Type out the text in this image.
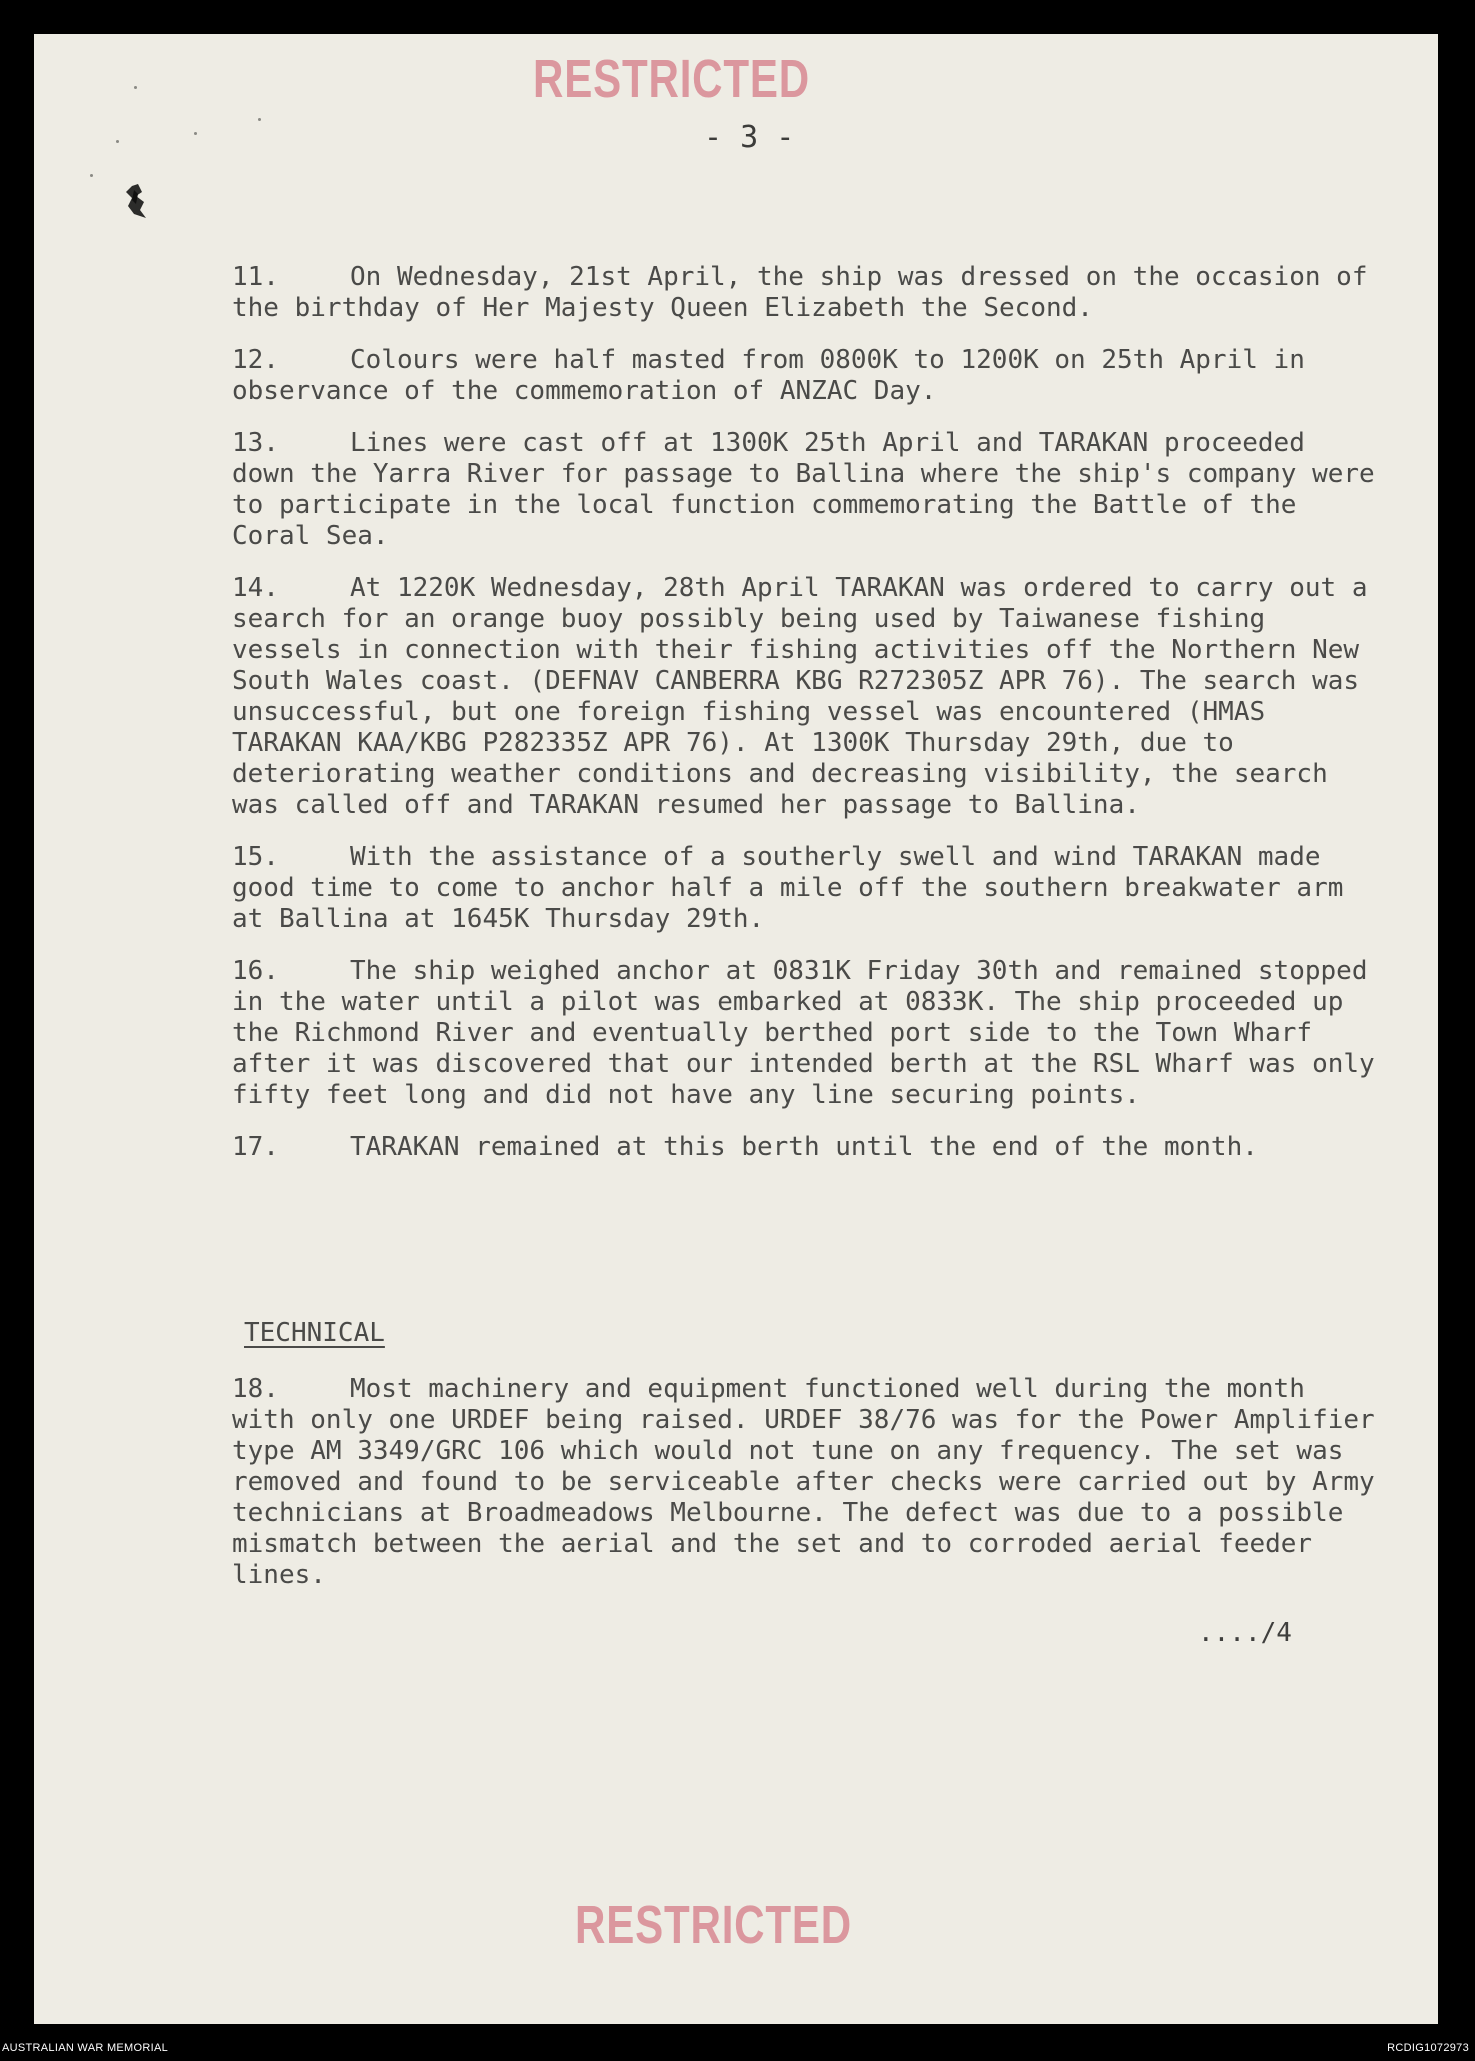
RESTRICTED
- 3 -

11.	On Wednesday, 21st April, the ship was dressed on the occasion of the birthday of Her Majesty Queen Elizabeth the Second.

12.	Colours were half masted from 0800K to 1200K on 25th April in observance of the commemoration of ANZAC Day.

13.	Lines were cast off at 1300K 25th April and TARAKAN proceeded down the Yarra River for passage to Ballina where the ship's company were to participate in the local function commemorating the Battle of the Coral Sea.

14.	At 1220K Wednesday, 28th April TARAKAN was ordered to carry out a search for an orange buoy possibly being used by Taiwanese fishing vessels in connection with their fishing activities off the Northern New South Wales coast. (DEFNAV CANBERRA KBG R272305Z APR 76). The search was unsuccessful, but one foreign fishing vessel was encountered (HMAS TARAKAN KAA/KBG P282335Z APR 76). At 1300K Thursday 29th, due to deteriorating weather conditions and decreasing visibility, the search was called off and TARAKAN resumed her passage to Ballina.

15.	With the assistance of a southerly swell and wind TARAKAN made good time to come to anchor half a mile off the southern breakwater arm at Ballina at 1645K Thursday 29th.

16.	The ship weighed anchor at 0831K Friday 30th and remained stopped in the water until a pilot was embarked at 0833K. The ship proceeded up the Richmond River and eventually berthed port side to the Town Wharf after it was discovered that our intended berth at the RSL Wharf was only fifty feet long and did not have any line securing points.

17.	TARAKAN remained at this berth until the end of the month.

TECHNICAL

18.	Most machinery and equipment functioned well during the month with only one URDEF being raised. URDEF 38/76 was for the Power Amplifier type AM 3349/GRC 106 which would not tune on any frequency. The set was removed and found to be serviceable after checks were carried out by Army technicians at Broadmeadows Melbourne. The defect was due to a possible mismatch between the aerial and the set and to corroded aerial feeder lines.

..../4
RESTRICTED
AUSTRALIAN WAR MEMORIAL	RCDIG1072973
